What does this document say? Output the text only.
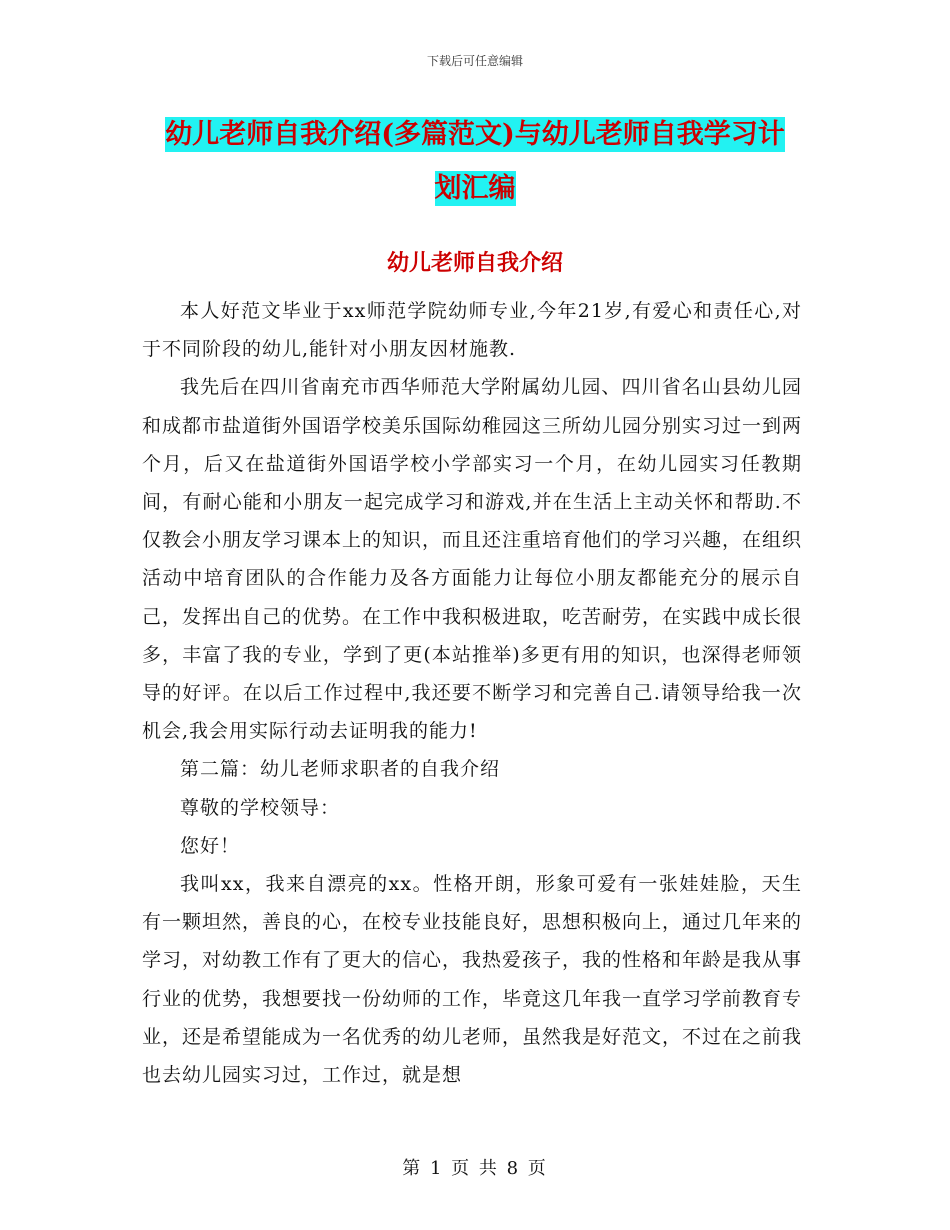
下载后可任意编辑
幼儿老师自我介绍(多篇范文)与幼儿老师自我学习计
划汇编
幼儿老师自我介绍

本人好范文毕业于xx师范学院幼师专业,今年21岁,有爱心和责任心,对于不同阶段的幼儿,能针对小朋友因材施教.

我先后在四川省南充市西华师范大学附属幼儿园、四川省名山县幼儿园和成都市盐道街外国语学校美乐国际幼稚园这三所幼儿园分别实习过一到两个月，后又在盐道街外国语学校小学部实习一个月，在幼儿园实习任教期间，有耐心能和小朋友一起完成学习和游戏,并在生活上主动关怀和帮助.不仅教会小朋友学习课本上的知识，而且还注重培育他们的学习兴趣，在组织活动中培育团队的合作能力及各方面能力让每位小朋友都能充分的展示自己，发挥出自己的优势。在工作中我积极进取，吃苦耐劳，在实践中成长很多，丰富了我的专业，学到了更(本站推举)多更有用的知识，也深得老师领导的好评。在以后工作过程中,我还要不断学习和完善自己.请领导给我一次机会,我会用实际行动去证明我的能力!

第二篇：幼儿老师求职者的自我介绍

尊敬的学校领导：

您好！

我叫xx，我来自漂亮的xx。性格开朗，形象可爱有一张娃娃脸，天生有一颗坦然，善良的心，在校专业技能良好，思想积极向上，通过几年来的学习，对幼教工作有了更大的信心，我热爱孩子，我的性格和年龄是我从事行业的优势，我想要找一份幼师的工作，毕竟这几年我一直学习学前教育专业，还是希望能成为一名优秀的幼儿老师，虽然我是好范文，不过在之前我也去幼儿园实习过，工作过，就是想

第 1 页 共 8 页
